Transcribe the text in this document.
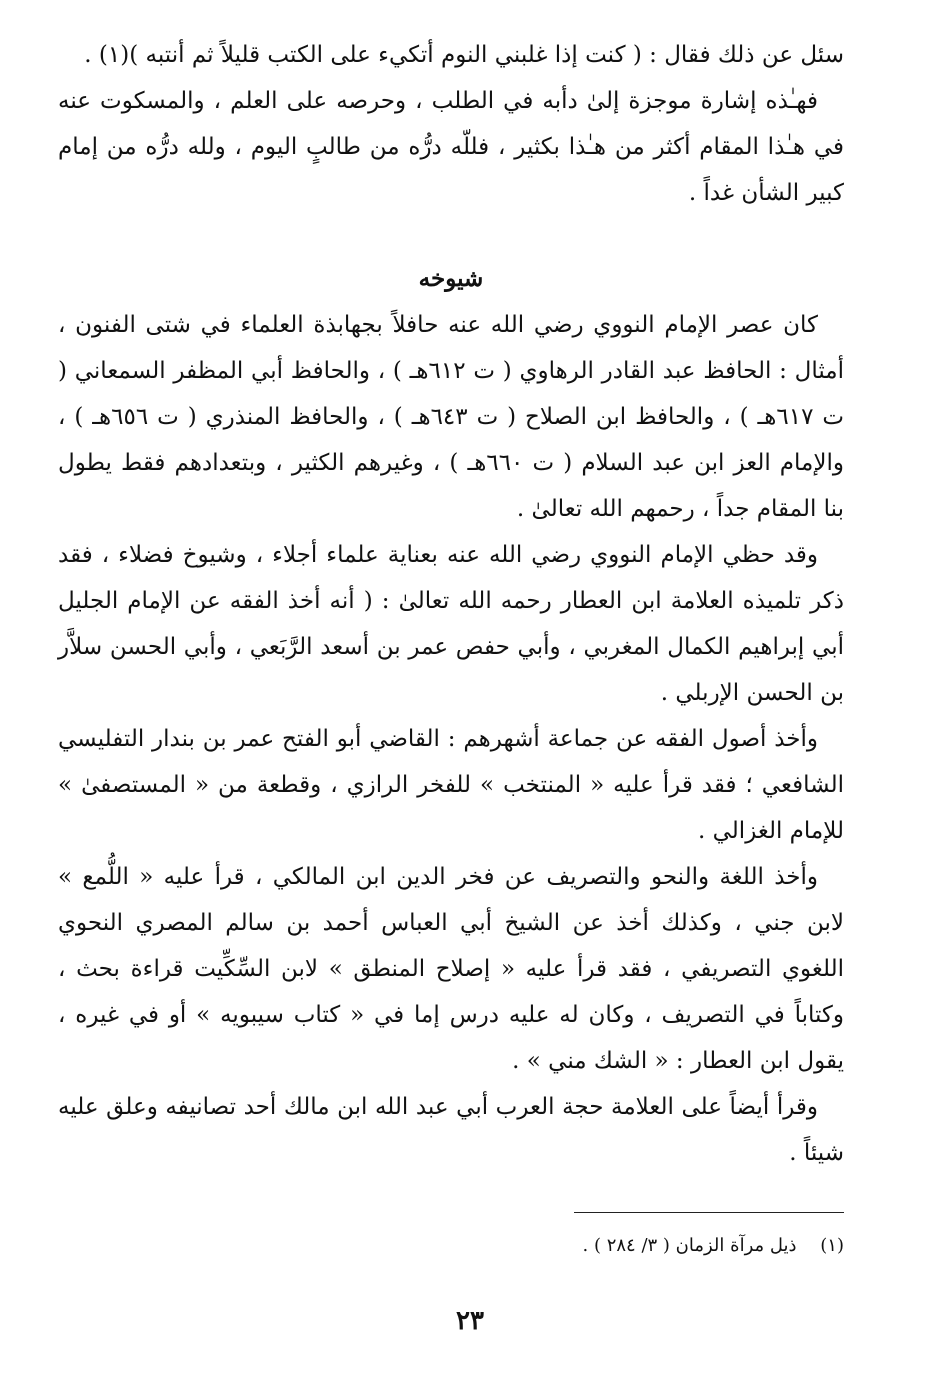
سئل عن ذلك فقال : ( كنت إذا غلبني النوم أتكيء على الكتب قليلاً ثم أنتبه )(١) .

فهـٰذه إشارة موجزة إلىٰ دأبه في الطلب ، وحرصه على العلم ، والمسكوت عنه في هـٰذا المقام أكثر من هـٰذا بكثير ، فللّه درُّه من طالبٍ اليوم ، ولله درُّه من إمام كبير الشأن غداً .

شيوخه

كان عصر الإمام النووي رضي الله عنه حافلاً بجهابذة العلماء في شتى الفنون ، أمثال : الحافظ عبد القادر الرهاوي ( ت ٦١٢هـ ) ، والحافظ أبي المظفر السمعاني ( ت ٦١٧هـ ) ، والحافظ ابن الصلاح ( ت ٦٤٣هـ ) ، والحافظ المنذري ( ت ٦٥٦هـ ) ، والإمام العز ابن عبد السلام ( ت ٦٦٠هـ ) ، وغيرهم الكثير ، وبتعدادهم فقط يطول بنا المقام جداً ، رحمهم الله تعالىٰ .

وقد حظي الإمام النووي رضي الله عنه بعناية علماء أجلاء ، وشيوخ فضلاء ، فقد ذكر تلميذه العلامة ابن العطار رحمه الله تعالىٰ : ( أنه أخذ الفقه عن الإمام الجليل أبي إبراهيم الكمال المغربي ، وأبي حفص عمر بن أسعد الرَّبَعي ، وأبي الحسن سلاَّر بن الحسن الإربلي .

وأخذ أصول الفقه عن جماعة أشهرهم : القاضي أبو الفتح عمر بن بندار التفليسي الشافعي ؛ فقد قرأ عليه « المنتخب » للفخر الرازي ، وقطعة من « المستصفىٰ » للإمام الغزالي .

وأخذ اللغة والنحو والتصريف عن فخر الدين ابن المالكي ، قرأ عليه « اللُّمع » لابن جني ، وكذلك أخذ عن الشيخ أبي العباس أحمد بن سالم المصري النحوي اللغوي التصريفي ، فقد قرأ عليه « إصلاح المنطق » لابن السِّكِّيت قراءة بحث ، وكتاباً في التصريف ، وكان له عليه درس إما في « كتاب سيبويه » أو في غيره ، يقول ابن العطار : « الشك مني » .

وقرأ أيضاً على العلامة حجة العرب أبي عبد الله ابن مالك أحد تصانيفه وعلق عليه شيئاً .

(١) ذيل مرآة الزمان ( ٣/ ٢٨٤ ) .
٢٣
